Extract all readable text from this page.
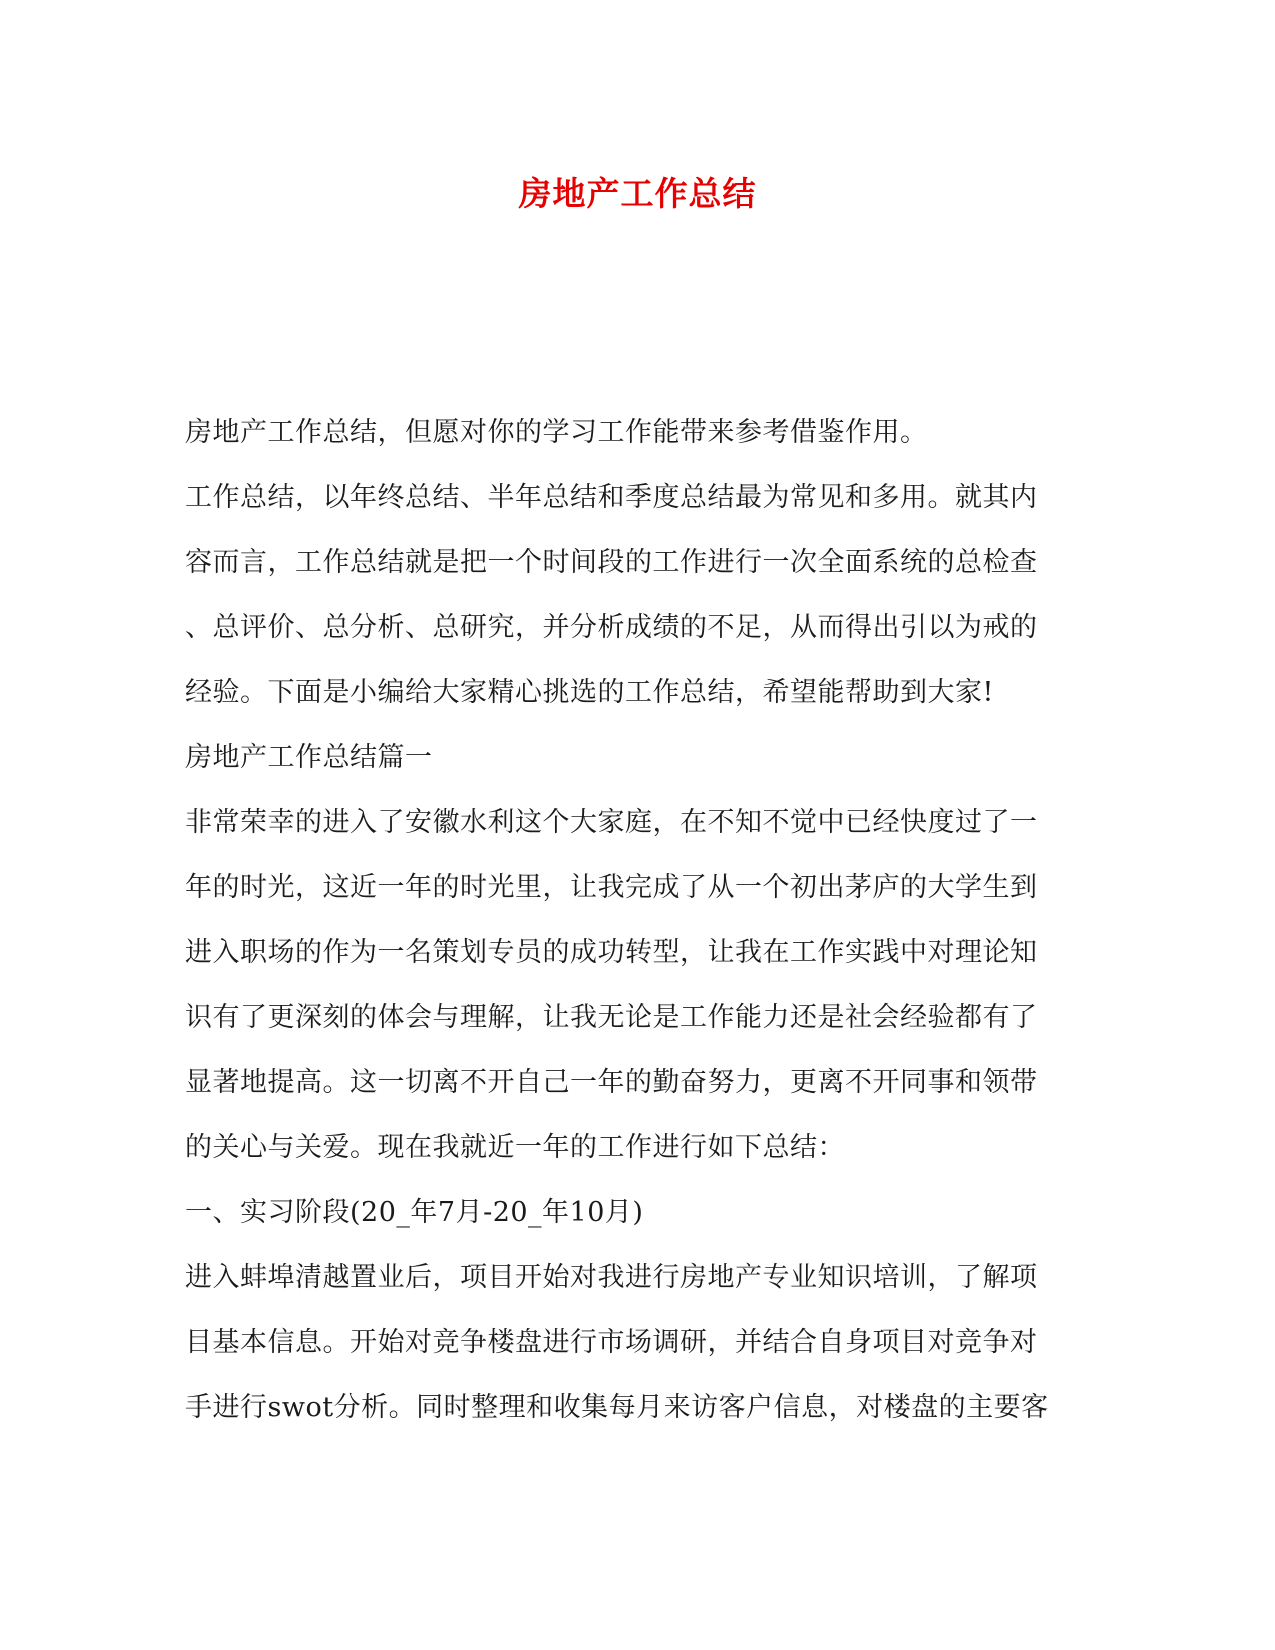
房地产工作总结

房地产工作总结，但愿对你的学习工作能带来参考借鉴作用。

工作总结，以年终总结、半年总结和季度总结最为常见和多用。就其内

容而言，工作总结就是把一个时间段的工作进行一次全面系统的总检查

、总评价、总分析、总研究，并分析成绩的不足，从而得出引以为戒的

经验。下面是小编给大家精心挑选的工作总结，希望能帮助到大家!

房地产工作总结篇一

非常荣幸的进入了安徽水利这个大家庭，在不知不觉中已经快度过了一

年的时光，这近一年的时光里，让我完成了从一个初出茅庐的大学生到

进入职场的作为一名策划专员的成功转型，让我在工作实践中对理论知

识有了更深刻的体会与理解，让我无论是工作能力还是社会经验都有了

显著地提高。这一切离不开自己一年的勤奋努力，更离不开同事和领带

的关心与关爱。现在我就近一年的工作进行如下总结：

一、实习阶段(20_年7月-20_年10月)

进入蚌埠清越置业后，项目开始对我进行房地产专业知识培训，了解项

目基本信息。开始对竞争楼盘进行市场调研，并结合自身项目对竞争对

手进行swot分析。同时整理和收集每月来访客户信息，对楼盘的主要客
